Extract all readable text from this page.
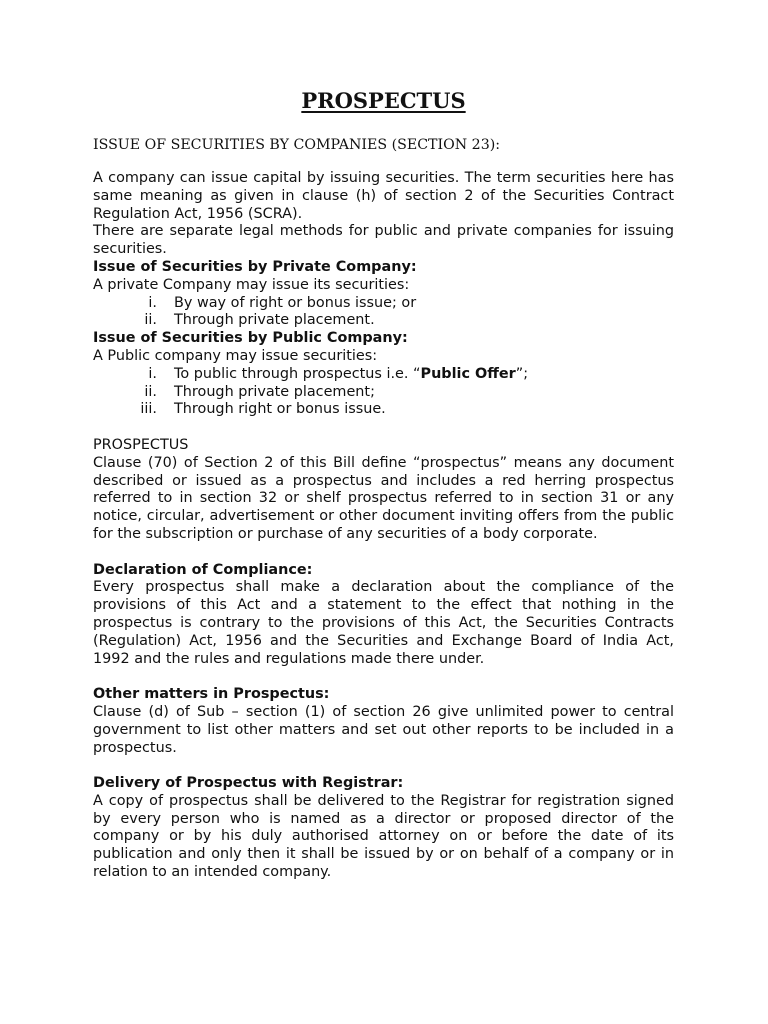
PROSPECTUS
ISSUE OF SECURITIES BY COMPANIES (SECTION 23):

A company can issue capital by issuing securities. The term securities here has same meaning as given in clause (h) of section 2 of the Securities Contract Regulation Act, 1956 (SCRA).

There are separate legal methods for public and private companies for issuing securities.

Issue of Securities by Private Company:

A private Company may issue its securities:

i.	By way of right or bonus issue; or
ii.	Through private placement.
Issue of Securities by Public Company:

A Public company may issue securities:

i.	To public through prospectus i.e. “Public Offer”;
ii.	Through private placement;
iii.	Through right or bonus issue.
PROSPECTUS

Clause (70) of Section 2 of this Bill define “prospectus” means any document described or issued as a prospectus and includes a red herring prospectus referred to in section 32 or shelf prospectus referred to in section 31 or any notice, circular, advertisement or other document inviting offers from the public for the subscription or purchase of any securities of a body corporate.

Declaration of Compliance:

Every prospectus shall make a declaration about the compliance of the provisions of this Act and a statement to the effect that nothing in the prospectus is contrary to the provisions of this Act, the Securities Contracts (Regulation) Act, 1956 and the Securities and Exchange Board of India Act, 1992 and the rules and regulations made there under.

Other matters in Prospectus:

Clause (d) of Sub – section (1) of section 26 give unlimited power to central government to list other matters and set out other reports to be included in a prospectus.

Delivery of Prospectus with Registrar:

A copy of prospectus shall be delivered to the Registrar for registration signed by every person who is named as a director or proposed director of the company or by his duly authorised attorney on or before the date of its publication and only then it shall be issued by or on behalf of a company or in relation to an intended company.
